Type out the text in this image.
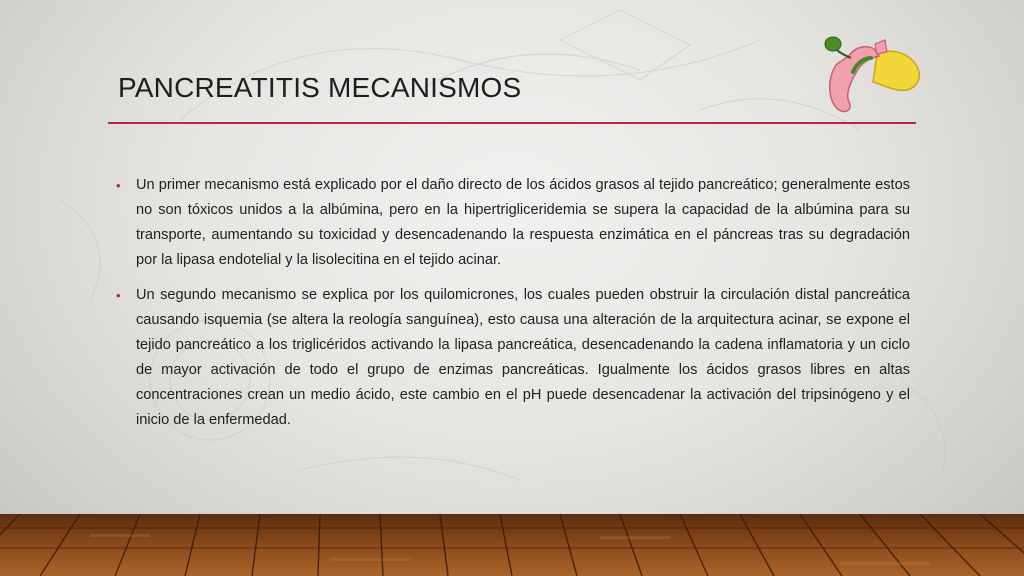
PANCREATITIS MECANISMOS
• Un primer mecanismo está explicado por el daño directo de los ácidos grasos al tejido pancreático; generalmente estos no son tóxicos unidos a la albúmina, pero en la hipertrigliceridemia se supera la capacidad de la albúmina para su transporte, aumentando su toxicidad y desencadenando la respuesta enzimática en el páncreas tras su degradación por la lipasa endotelial y la lisolecitina en el tejido acinar.

• Un segundo mecanismo se explica por los quilomicrones, los cuales pueden obstruir la circulación distal pancreática causando isquemia (se altera la reología sanguínea), esto causa una alteración de la arquitectura acinar, se expone el tejido pancreático a los triglicéridos activando la lipasa pancreática, desencadenando la cadena inflamatoria y un ciclo de mayor activación de todo el grupo de enzimas pancreáticas. Igualmente los ácidos grasos libres en altas concentraciones crean un medio ácido, este cambio en el pH puede desencadenar la activación del tripsinógeno y el inicio de la enfermedad.
